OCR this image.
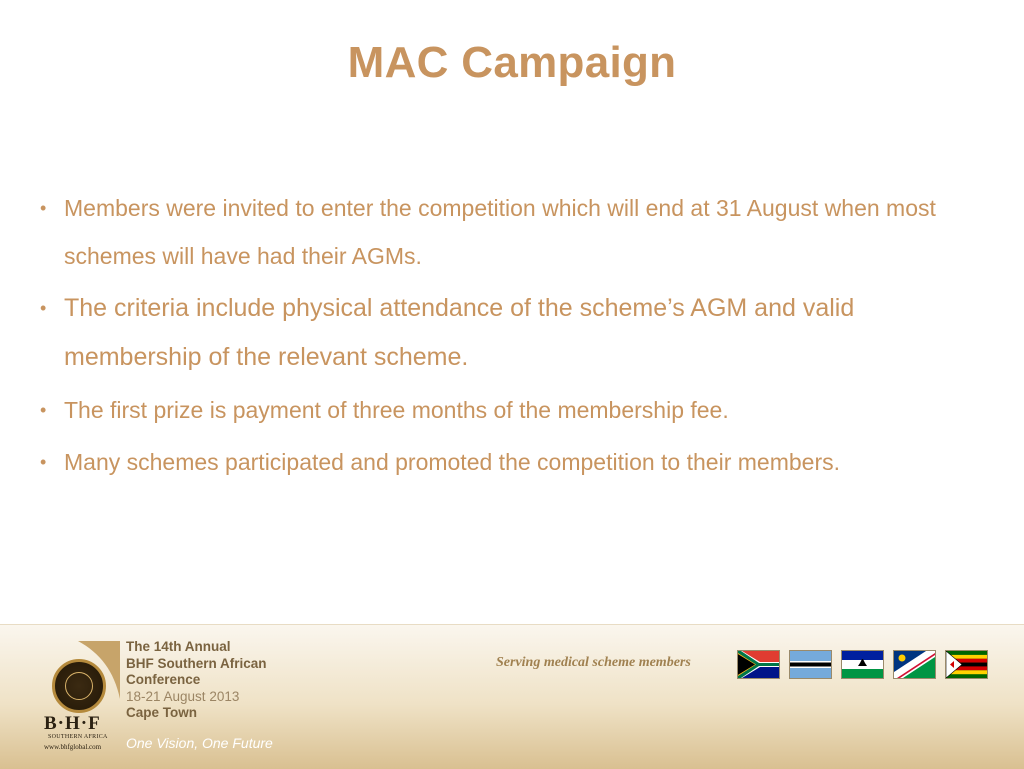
MAC Campaign
• Members were invited to enter the competition which will end at 31 August when most schemes will have had their AGMs.
• The criteria include physical attendance of the scheme’s AGM and valid membership of the relevant scheme.
• The first prize is payment of three months of the membership fee.
• Many schemes participated and promoted the competition to their members.
B·H·F
SOUTHERN AFRICA
www.bhfglobal.com
The 14th Annual
BHF Southern African
Conference
18-21 August 2013
Cape Town
One Vision, One Future
Serving medical scheme members
